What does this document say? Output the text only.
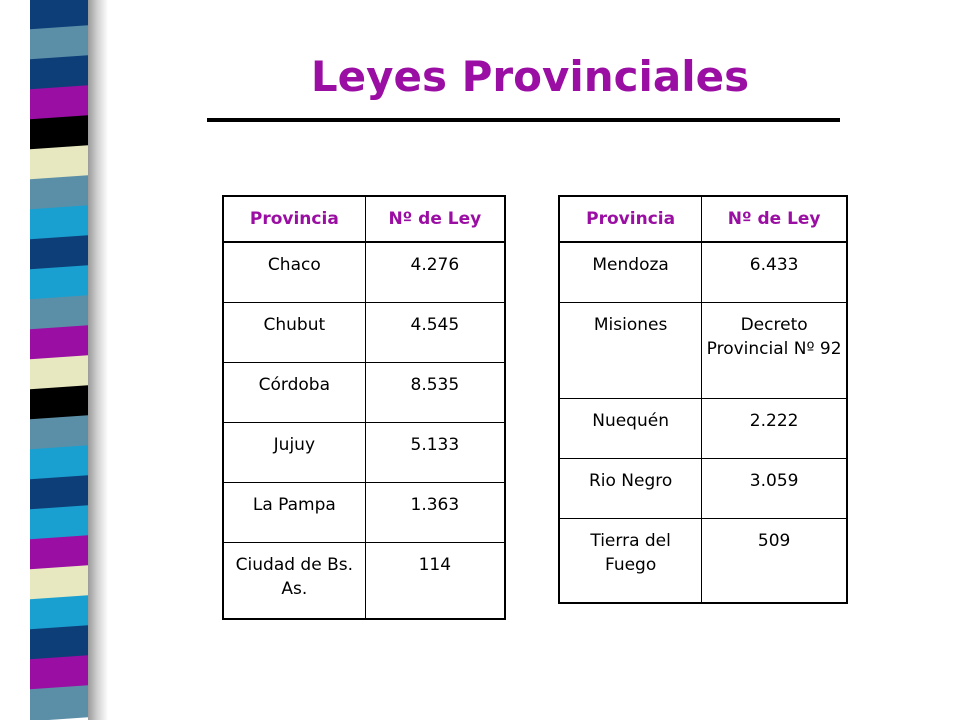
Leyes Provinciales
Provincia	Nº de Ley
Chaco	4.276
Chubut	4.545
Córdoba	8.535
Jujuy	5.133
La Pampa	1.363
Ciudad de Bs. As.	114
Provincia	Nº de Ley
Mendoza	6.433
Misiones	Decreto Provincial Nº 92
Nuequén	2.222
Rio Negro	3.059
Tierra del Fuego	509
